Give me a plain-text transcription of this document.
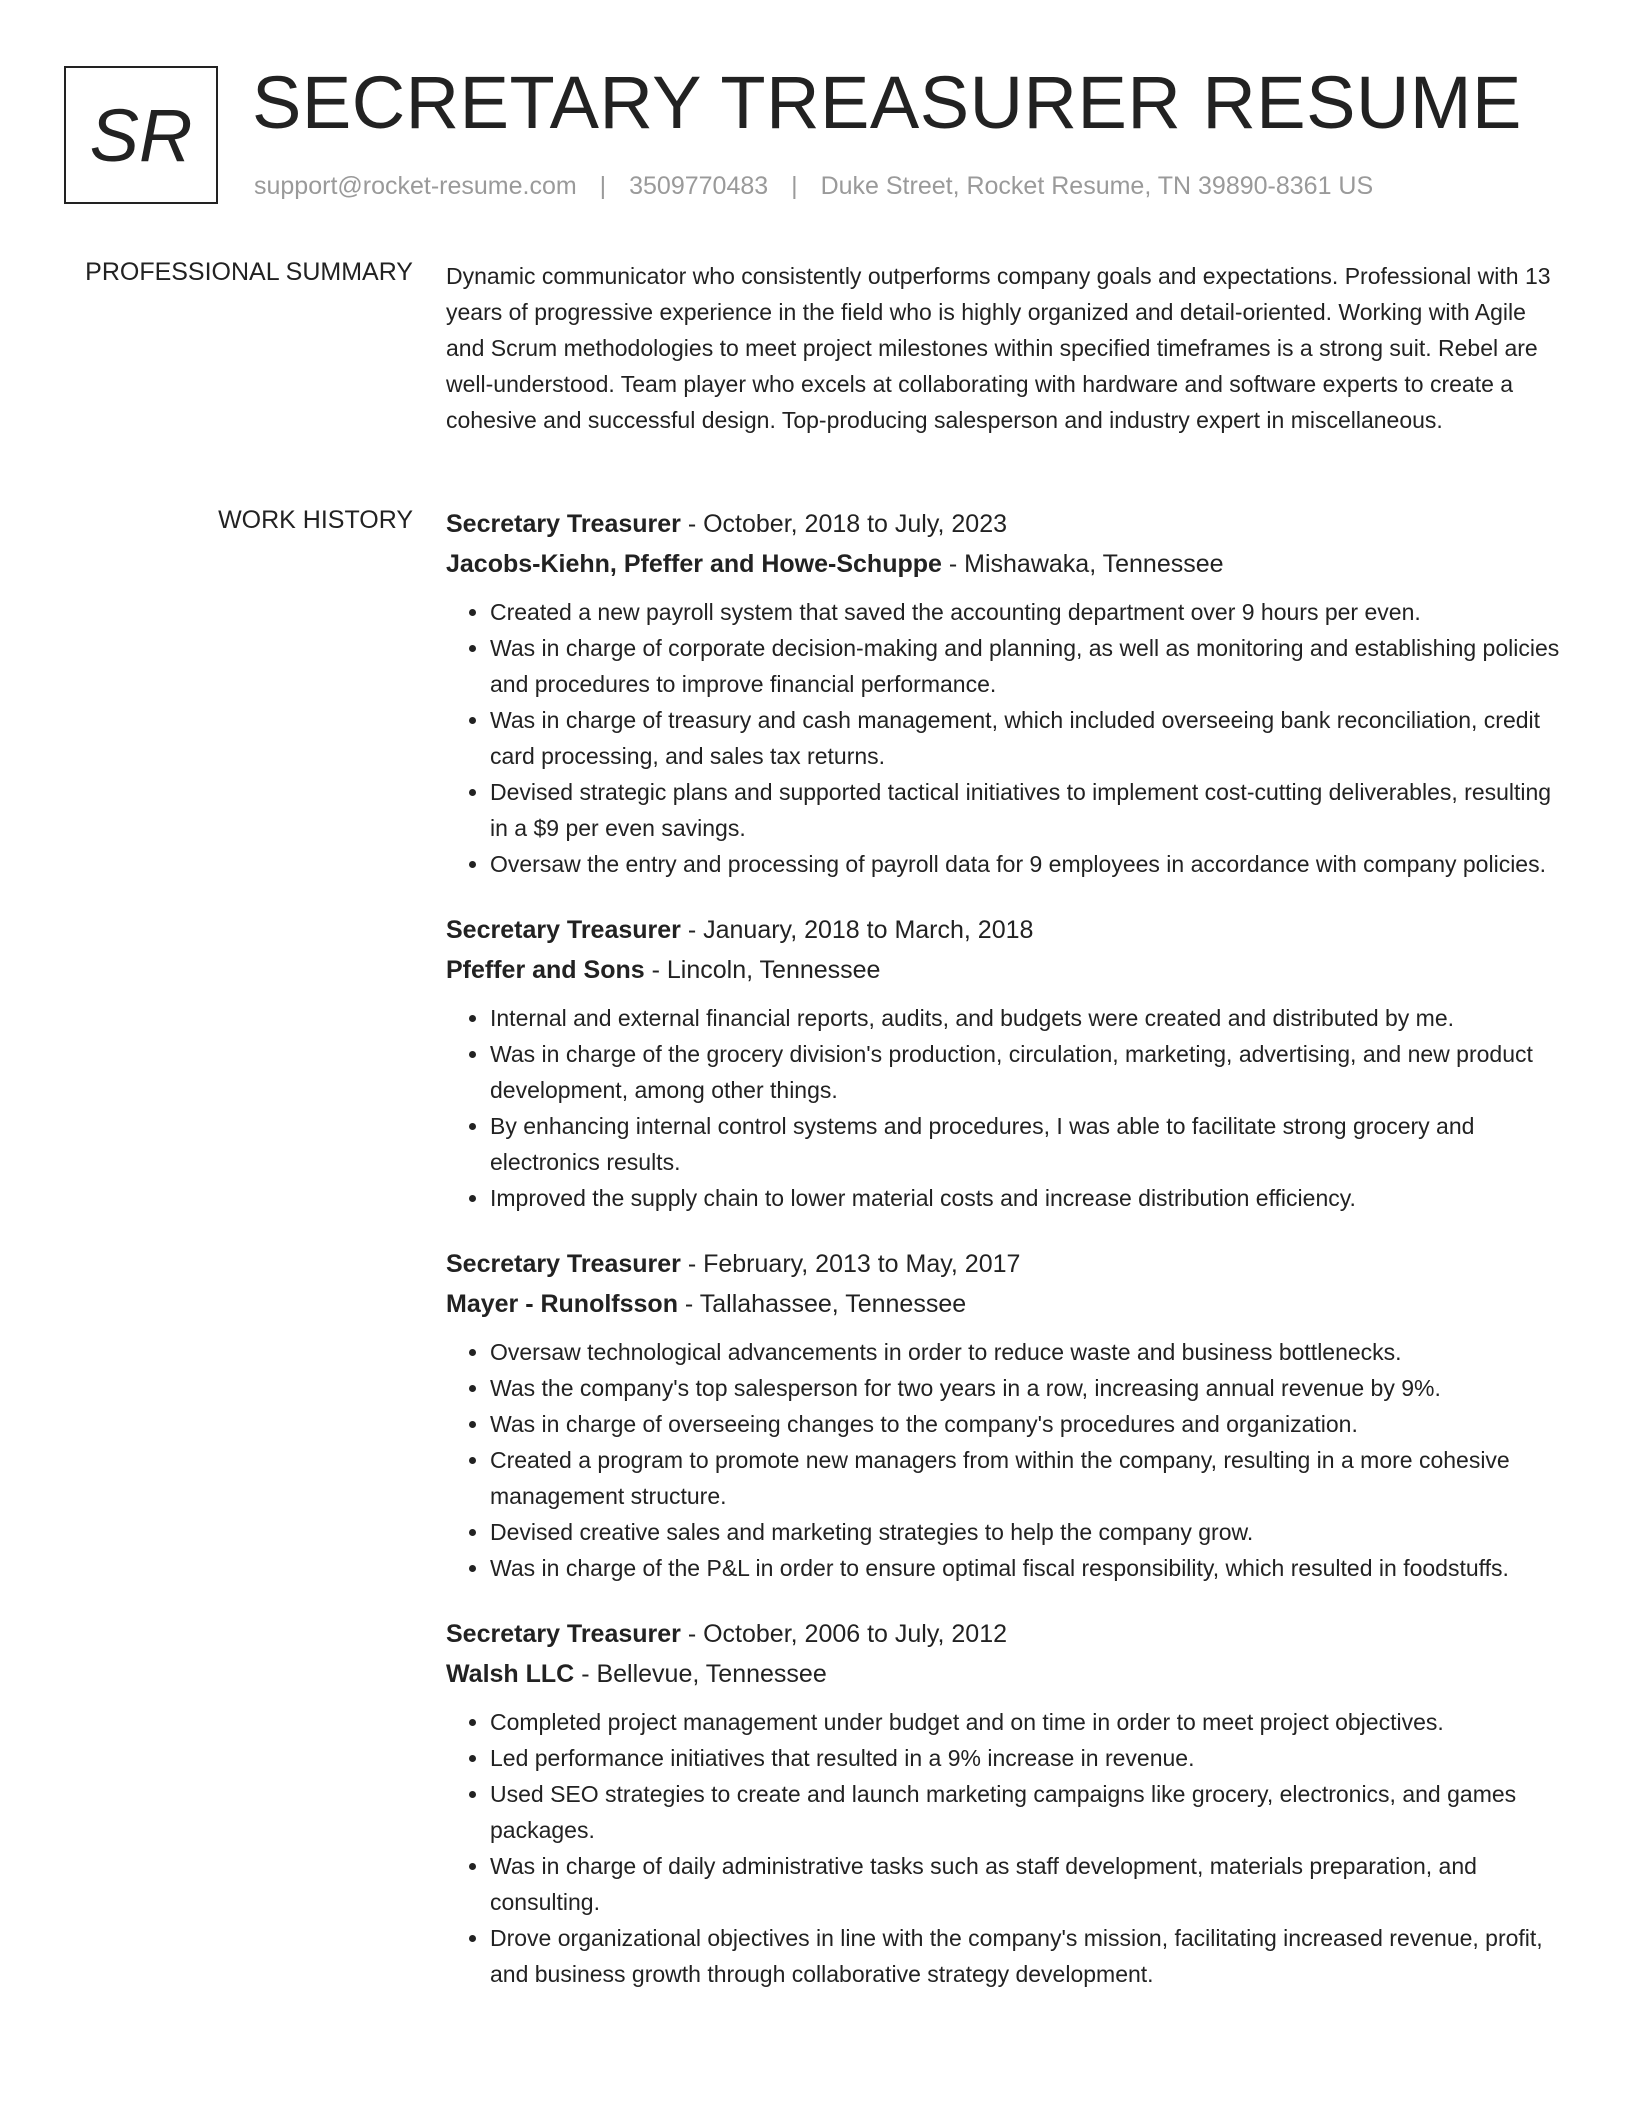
SR SECRETARY TREASURER RESUME
support@rocket-resume.com | 3509770483 | Duke Street, Rocket Resume, TN 39890-8361 US
PROFESSIONAL SUMMARY Dynamic communicator who consistently outperforms company goals and expectations. Professional with 13 years of progressive experience in the field who is highly organized and detail-oriented. Working with Agile and Scrum methodologies to meet project milestones within specified timeframes is a strong suit. Rebel are well-understood. Team player who excels at collaborating with hardware and software experts to create a cohesive and successful design. Top-producing salesperson and industry expert in miscellaneous.

WORK HISTORY Secretary Treasurer - October, 2018 to July, 2023
Jacobs-Kiehn, Pfeffer and Howe-Schuppe - Mishawaka, Tennessee
• Created a new payroll system that saved the accounting department over 9 hours per even.
• Was in charge of corporate decision-making and planning, as well as monitoring and establishing policies and procedures to improve financial performance.
• Was in charge of treasury and cash management, which included overseeing bank reconciliation, credit card processing, and sales tax returns.
• Devised strategic plans and supported tactical initiatives to implement cost-cutting deliverables, resulting in a $9 per even savings.
• Oversaw the entry and processing of payroll data for 9 employees in accordance with company policies.
Secretary Treasurer - January, 2018 to March, 2018
Pfeffer and Sons - Lincoln, Tennessee
• Internal and external financial reports, audits, and budgets were created and distributed by me.
• Was in charge of the grocery division's production, circulation, marketing, advertising, and new product development, among other things.
• By enhancing internal control systems and procedures, I was able to facilitate strong grocery and electronics results.
• Improved the supply chain to lower material costs and increase distribution efficiency.
Secretary Treasurer - February, 2013 to May, 2017
Mayer - Runolfsson - Tallahassee, Tennessee
• Oversaw technological advancements in order to reduce waste and business bottlenecks.
• Was the company's top salesperson for two years in a row, increasing annual revenue by 9%.
• Was in charge of overseeing changes to the company's procedures and organization.
• Created a program to promote new managers from within the company, resulting in a more cohesive management structure.
• Devised creative sales and marketing strategies to help the company grow.
• Was in charge of the P&L in order to ensure optimal fiscal responsibility, which resulted in foodstuffs.
Secretary Treasurer - October, 2006 to July, 2012
Walsh LLC - Bellevue, Tennessee
• Completed project management under budget and on time in order to meet project objectives.
• Led performance initiatives that resulted in a 9% increase in revenue.
• Used SEO strategies to create and launch marketing campaigns like grocery, electronics, and games packages.
• Was in charge of daily administrative tasks such as staff development, materials preparation, and consulting.
• Drove organizational objectives in line with the company's mission, facilitating increased revenue, profit, and business growth through collaborative strategy development.
